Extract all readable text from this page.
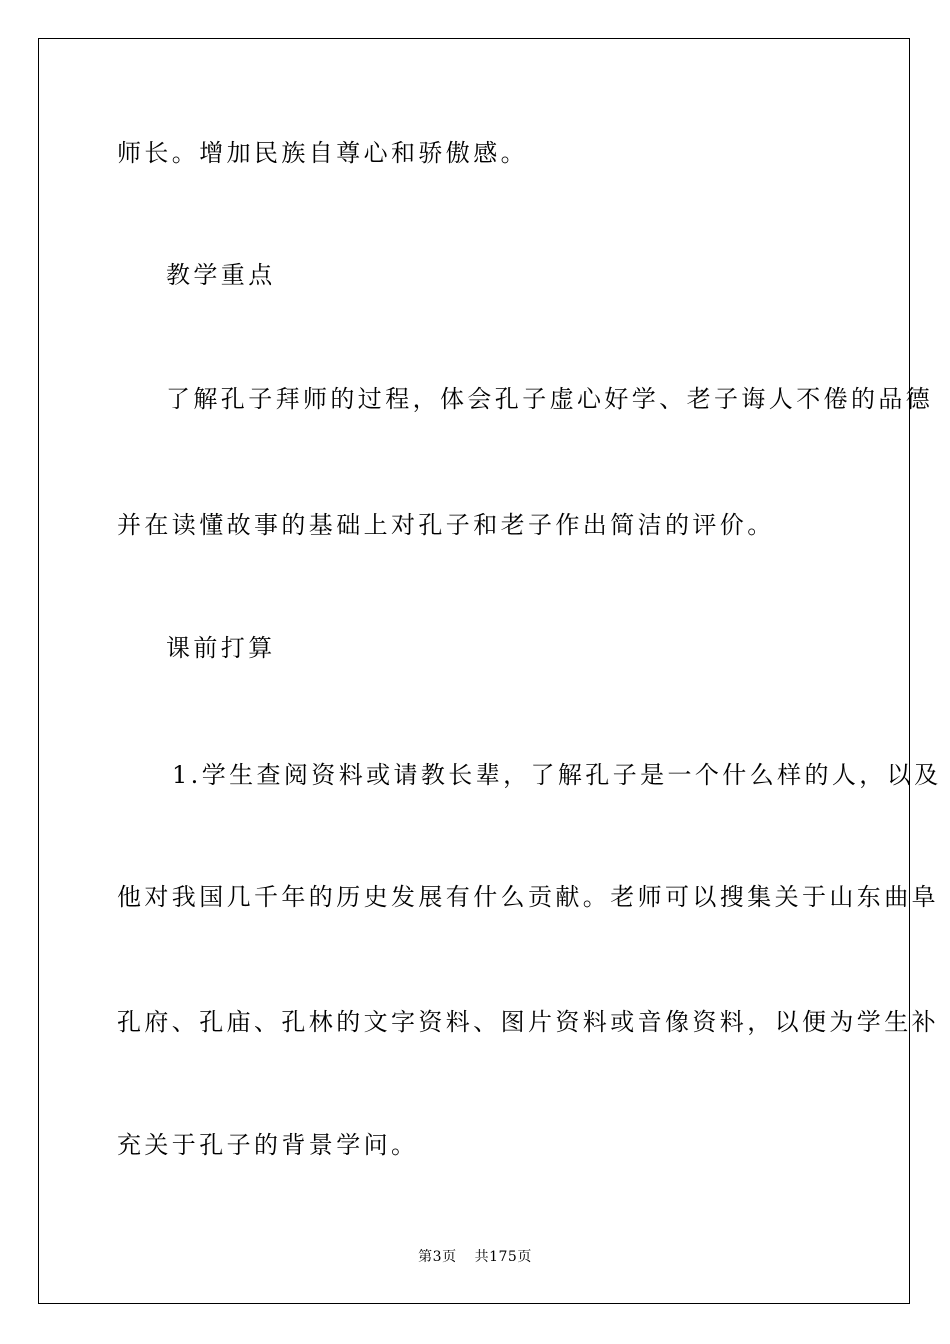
师长。增加民族自尊心和骄傲感。
教学重点
了解孔子拜师的过程，体会孔子虚心好学、老子诲人不倦的品德
并在读懂故事的基础上对孔子和老子作出简洁的评价。
课前打算
1.学生查阅资料或请教长辈，了解孔子是一个什么样的人，以及
他对我国几千年的历史发展有什么贡献。老师可以搜集关于山东曲阜
孔府、孔庙、孔林的文字资料、图片资料或音像资料，以便为学生补
充关于孔子的背景学问。
第3页 共175页
